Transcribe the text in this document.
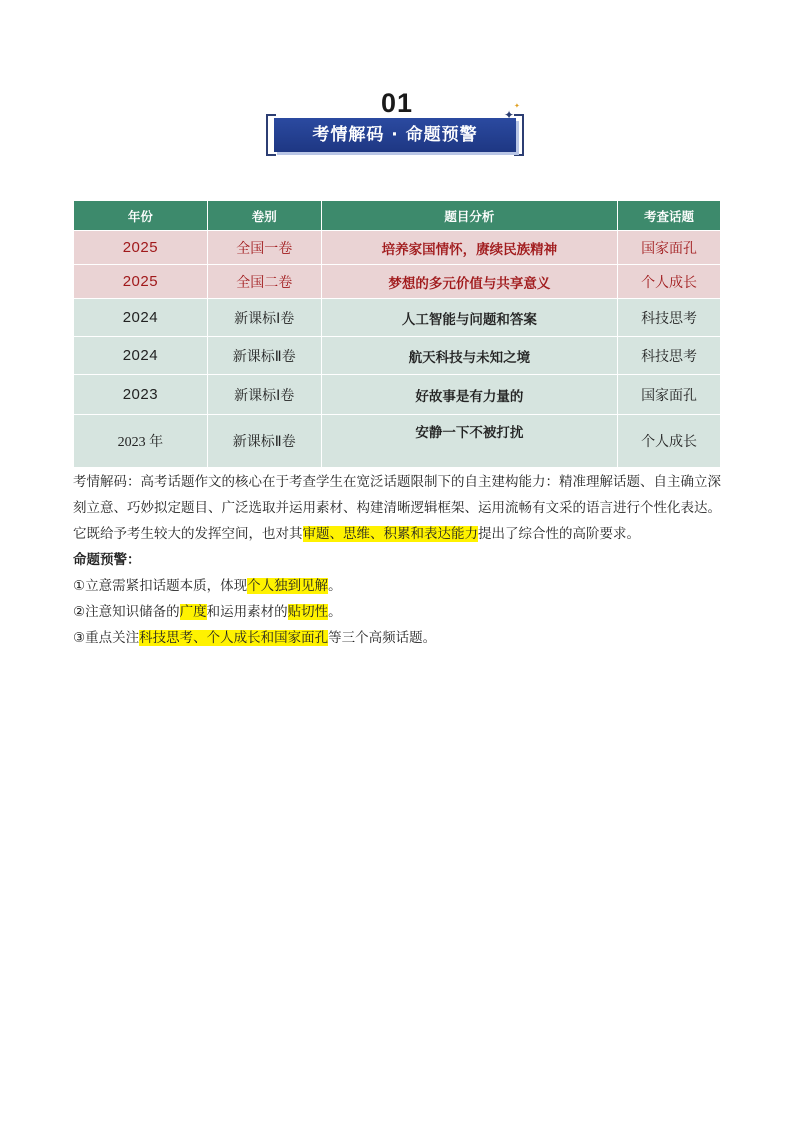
01
考情解码 · 命题预警
✦
✦
年份	卷别	题目分析	考查话题
2025	全国一卷	培养家国情怀，赓续民族精神	国家面孔
2025	全国二卷	梦想的多元价值与共享意义	个人成长
2024	新课标Ⅰ卷	人工智能与问题和答案	科技思考
2024	新课标Ⅱ卷	航天科技与未知之境	科技思考
2023	新课标Ⅰ卷	好故事是有力量的	国家面孔
2023 年	新课标Ⅱ卷	安静一下不被打扰	个人成长

考情解码：高考话题作文的核心在于考查学生在宽泛话题限制下的自主建构能力：精准理解话题、自主确立深刻立意、巧妙拟定题目、广泛选取并运用素材、构建清晰逻辑框架、运用流畅有文采的语言进行个性化表达。它既给予考生较大的发挥空间，也对其审题、思维、积累和表达能力提出了综合性的高阶要求。

命题预警：

①立意需紧扣话题本质，体现个人独到见解。

②注意知识储备的广度和运用素材的贴切性。

③重点关注科技思考、个人成长和国家面孔等三个高频话题。
